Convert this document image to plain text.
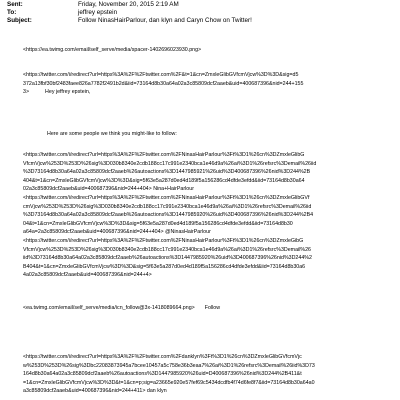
Sent:	Friday, November 20, 2015 2:19 AM
To:	jeffrey epstein
Subject:	Follow NinasHairParlour, dan klyn and Caryn Chow on Twitter!
<https://ea.twimg.com/email/self_serve/media/spacer-1402696023930.png>
<https://twitter.com/i/redirect?url=https%3A%2F%2Ftwitter.com%2F&t=1&cn=ZmxleGlibGVfcmVjcw%3D%3D&sig=d5
372a13fbf30bf2483faee826a7782f2491b2d&iid=73164d8b30a64a02a3c85809dcf2aaeb&uid=400687396&nid=244+155
3>	Hey jeffrey epstein,
Here are some people we think you might-like to follow:
<https://twitter.com/i/redirect?url=https%3A%2F%2Ftwitter.com%2FNinasHairParlour%3Ft%3D1%26cn%3DZmxleGlibG
VfcmVjcw%253D%253D%26sig%3D030b8340e2cdb188cc17c991e2340bca1e46d9a%26ai%3D1%26refsrc%3Demail%26iid
%3D73164d8b30a64a02a3c85809dcf2aaeb%26autoactions%3D1447985921%26uid%3D400687396%26nid%3D244%2B
404&t=1&cn=ZmxleGlibGVfcmVjcw%3D%3D&sig=5f63e5a287d0ed4d189f5a156286cd4dfde3efdd&iid=73164d8b30a64
02a3c85809dcf2aaeb&uid=400687396&nid=244+404> Nina+HairParlour
<https://twitter.com/i/redirect?url=https%3A%2F%2Ftwitter.com%2FNinasHairParlour%3Ft%3D1%26cn%3DZmxleGlibGVf
cmVjcw%253D%253D%26sig%3D030b8340e2cdb188cc17c991e2340bca1e46d9a%26ai%3D1%26refsrc%3Demail%26iid
%3D73164d8b30a64a02a3c85809dcf2aaeb%26autoactions%3D1447985920%26uid%3D400687396%26nid%3D244%2B4
04&t=1&cn=ZmxleGlibGVfcmVjcw%3D%3D&sig=5f63e5a287d0ed4d189f5a156286cd4dfde3efdd&iid=73164d8b30
a64a=2a3c85809dcf2aaeb&uid=400687396&nid=244+404> @NinasHairParlour
<https://twitter.com/i/redirect?url=https%3A%2F%2Ftwitter.com%2FNinasHairParlour%3Ft%3D1%26cn%3DZmxleGibG
VfcmVjcw%253D%253D%26sig%3D030b8340e2cdb188cc17c991e2340bca1e46d9a%26ai%3D1%26refsrc%3Demail%26
iid%3D73164d8b30a64a02a3c85809dcf2aaeb%26autoactions%3D1447985920%26uid%3D400687396%26nid%3D244%2
B404&t=1&cn=ZmxleGlibGVfcmVjcw%3D%3D&sig=5f63e5a287d0ed4d189f5a156286cd4dfde3efdd&iid=73164d8b30a6
4a02a3c85809dcf2aaeb&uid=400687396&nid=244+4>
<ea.twimg.com/email/self_serve/media/icn_follow@3x-1418089664.png> Follow
<https://twitter.com/i/redirect?url=https%3A%2F%2Ftwitter.com%2Fdanklyn%3Ft%3D1%26cn%3DZmxleGlibGVfcmVjc
w%253D%253D%26sig%3Dbc22083873945a7bcee10457a5c758e36b3eaa7%26ai%3D1%26refsrc%3Demail%26iid%3D73
164d8b30a64a02a3c85809dcf2aaeb%26autoactions%3D1447985920%26uid=D400687396%26nid%3D244%2B411&t
=1&cn=ZmxleGlibGVfcmVjcw%3D%3D&t=1&cn=p;sig=a23665e920e57fef69c5434dcdfb4f74d6fe8f7&iid=73164d8b30a64a0
a3c85809dcf2aaeb&uid=400687396&nid=244+411> dan klyn
